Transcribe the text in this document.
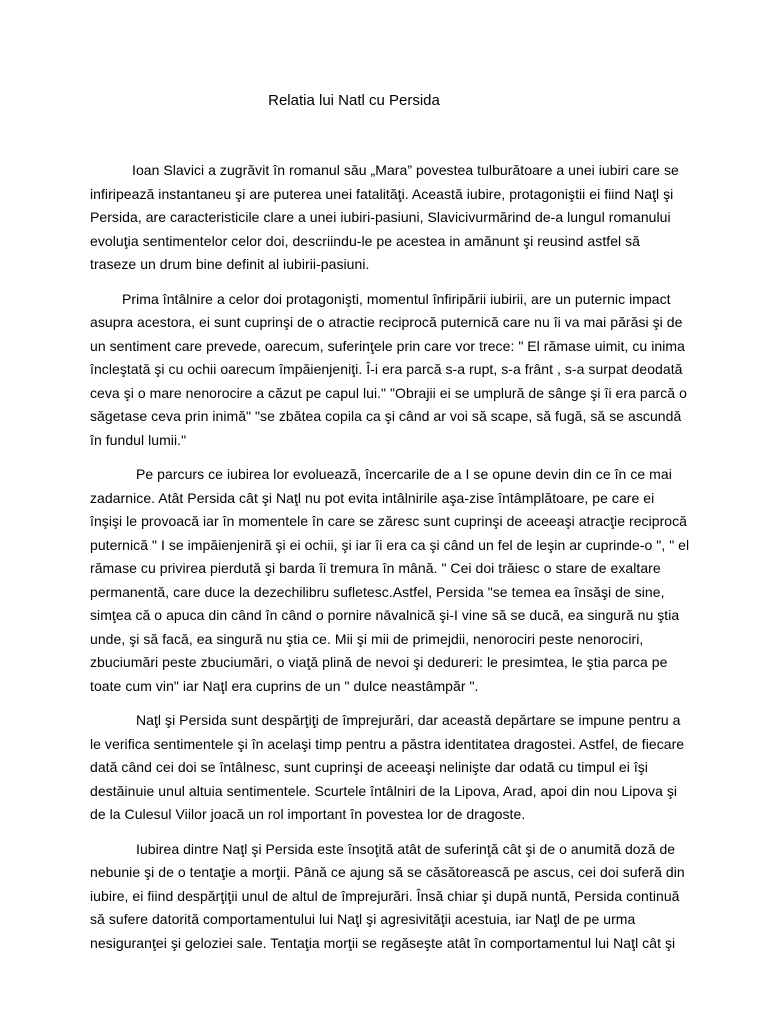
Relatia lui Natl cu Persida

Ioan Slavici a zugrăvit în romanul său „Mara” povestea tulburătoare a unei iubiri care se infiripează instantaneu şi are puterea unei fatalităţi. Această iubire, protagoniştii ei fiind Naţl şi Persida, are caracteristicile clare a unei iubiri-pasiuni, Slavicivurmărind de-a lungul romanului evoluţia sentimentelor celor doi, descriindu-le pe acestea in amănunt şi reusind astfel să traseze un drum bine definit al iubirii-pasiuni.

Prima întâlnire a celor doi protagonişti, momentul înfiripării iubirii, are un puternic impact asupra acestora, ei sunt cuprinşi de o atractie reciprocă puternică care nu îi va mai părăsi şi de un sentiment care prevede, oarecum, suferinţele prin care vor trece: " El rămase uimit, cu inima încleştată şi cu ochii oarecum împăienjeniţi. Î-i era parcă s-a rupt, s-a frânt , s-a surpat deodată ceva şi o mare nenorocire a căzut pe capul lui." "Obrajii ei se umplură de sânge şi îi era parcă o săgetase ceva prin inimă" "se zbătea copila ca şi când ar voi să scape, să fugă, să se ascundă în fundul lumii."

Pe parcurs ce iubirea lor evoluează, încercarile de a I se opune devin din ce în ce mai zadarnice. Atât Persida cât şi Naţl nu pot evita intâlnirile aşa-zise întâmplătoare, pe care ei înşişi le provoacă iar în momentele în care se zăresc sunt cuprinşi de aceeaşi atracţie reciprocă puternică " I se impăienjenirã şi ei ochii, şi iar îi era ca şi când un fel de leşin ar cuprinde-o ", " el rămase cu privirea pierdută şi barda îi tremura în mână. " Cei doi trăiesc o stare de exaltare permanentă, care duce la dezechilibru sufletesc.Astfel, Persida "se temea ea însăşi de sine, simţea că o apuca din când în când o pornire nāvalnică şi-I vine să se ducă, ea singură nu ştia unde, şi să facă, ea singură nu ştia ce. Mii şi mii de primejdii, nenorociri peste nenorociri, zbuciumări peste zbuciumări, o viaţă plină de nevoi şi dedureri: le presimtea, le ştia parca pe toate cum vin" iar Naţl era cuprins de un " dulce neastâmpăr ".

Naţl şi Persida sunt despărţiţi de împrejurări, dar această depărtare se impune pentru a le verifica sentimentele şi în acelaşi timp pentru a păstra identitatea dragostei. Astfel, de fiecare dată când cei doi se întâlnesc, sunt cuprinşi de aceeaşi nelinişte dar odată cu timpul ei îşi destăinuie unul altuia sentimentele. Scurtele întâlniri de la Lipova, Arad, apoi din nou Lipova şi de la Culesul Viilor joacă un rol important în povestea lor de dragoste.

Iubirea dintre Naţl şi Persida este însoţită atât de suferinţă cât şi de o anumită doză de nebunie şi de o tentaţie a morţii. Până ce ajung să se căsătorească pe ascus, cei doi suferă din iubire, ei fiind despărţiţii unul de altul de împrejurări. Însă chiar şi după nuntă, Persida continuă să sufere datorită comportamentului lui Naţl şi agresivităţii acestuia, iar Naţl de pe urma nesiguranţei şi geloziei sale. Tentaţia morţii se regăseşte atât în comportamentul lui Naţl cât şi
